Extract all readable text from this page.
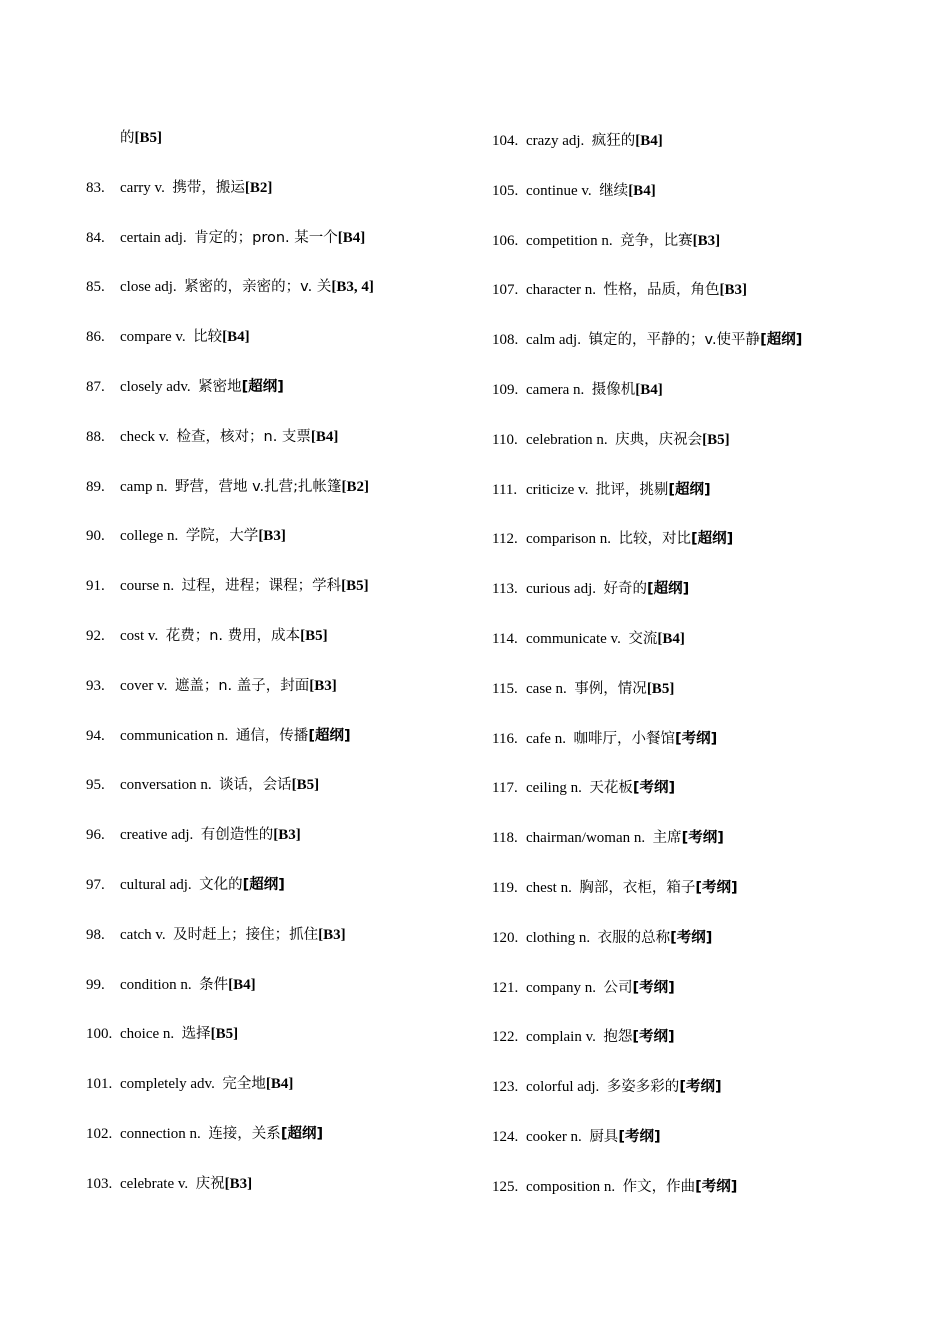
的[B5]
83. carry v. 携带，搬运[B2]
84. certain adj. 肯定的；pron. 某一个[B4]
85. close adj. 紧密的，亲密的；v. 关[B3, 4]
86. compare v. 比较[B4]
87. closely adv. 紧密地[超纲]
88. check v. 检查，核对；n. 支票[B4]
89. camp n. 野营，营地 v.扎营;扎帐篷[B2]
90. college n. 学院，大学[B3]
91. course n. 过程，进程；课程；学科[B5]
92. cost v. 花费；n. 费用，成本[B5]
93. cover v. 遮盖；n. 盖子，封面[B3]
94. communication n. 通信，传播[超纲]
95. conversation n. 谈话，会话[B5]
96. creative adj. 有创造性的[B3]
97. cultural adj. 文化的[超纲]
98. catch v. 及时赶上；接住；抓住[B3]
99. condition n. 条件[B4]
100. choice n. 选择[B5]
101. completely adv. 完全地[B4]
102. connection n. 连接，关系[超纲]
103. celebrate v. 庆祝[B3]
104. crazy adj. 疯狂的[B4]
105. continue v. 继续[B4]
106. competition n. 竞争，比赛[B3]
107. character n. 性格，品质，角色[B3]
108. calm adj. 镇定的，平静的；v.使平静[超纲]
109. camera n. 摄像机[B4]
110. celebration n. 庆典，庆祝会[B5]
111. criticize v. 批评，挑剔[超纲]
112. comparison n. 比较，对比[超纲]
113. curious adj. 好奇的[超纲]
114. communicate v. 交流[B4]
115. case n. 事例，情况[B5]
116. cafe n. 咖啡厅，小餐馆[考纲]
117. ceiling n. 天花板[考纲]
118. chairman/woman n. 主席[考纲]
119. chest n. 胸部，衣柜，箱子[考纲]
120. clothing n. 衣服的总称[考纲]
121. company n. 公司[考纲]
122. complain v. 抱怨[考纲]
123. colorful adj. 多姿多彩的[考纲]
124. cooker n. 厨具[考纲]
125. composition n. 作文，作曲[考纲]
